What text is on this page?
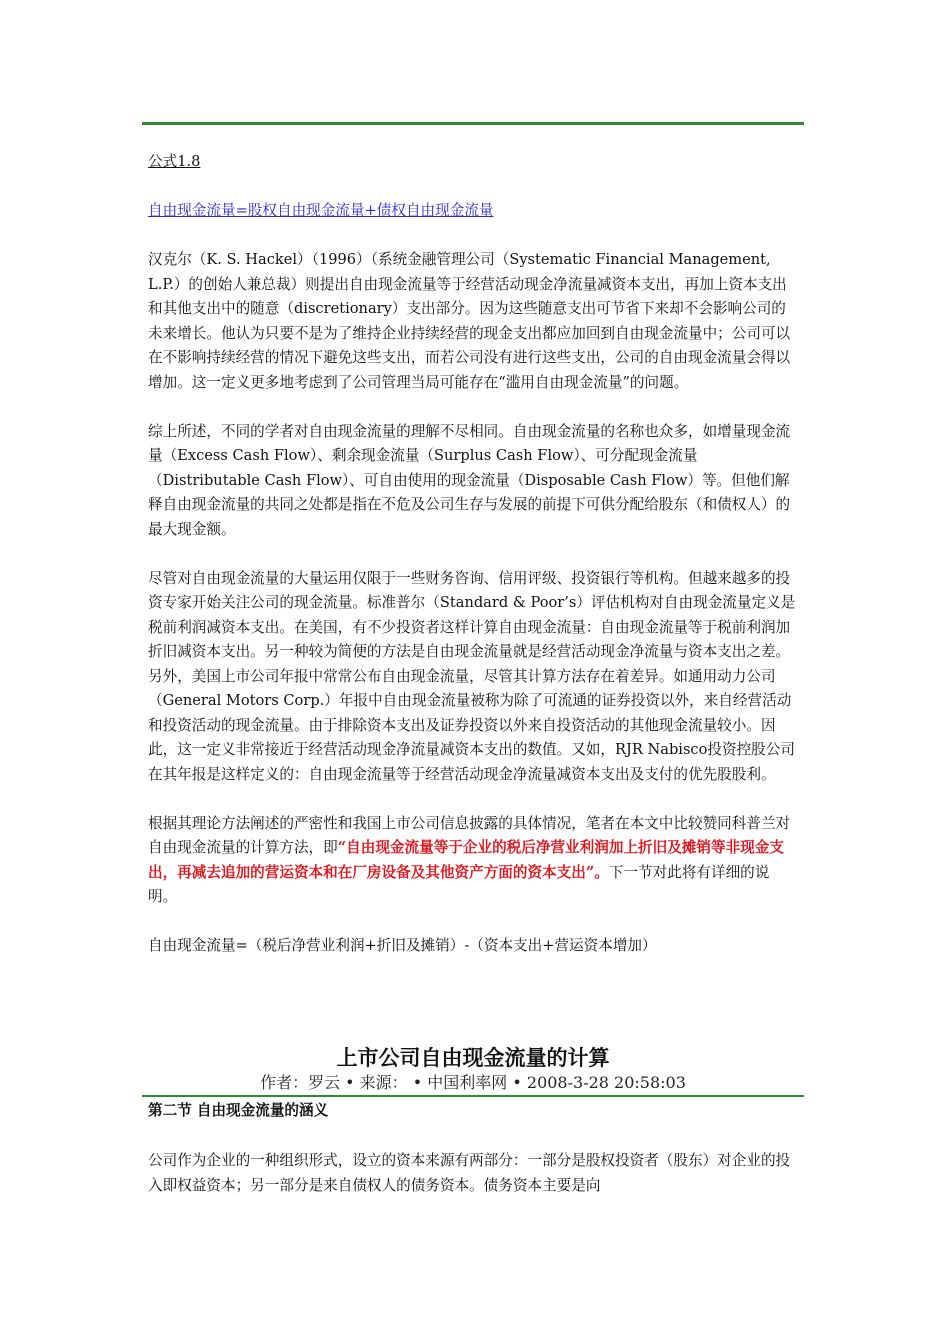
公式1.8

自由现金流量=股权自由现金流量+债权自由现金流量

汉克尔（K. S. Hackel）（1996）（系统金融管理公司（Systematic Financial Management, L.P.）的创始人兼总裁）则提出自由现金流量等于经营活动现金净流量减资本支出，再加上资本支出和其他支出中的随意（discretionary）支出部分。因为这些随意支出可节省下来却不会影响公司的未来增长。他认为只要不是为了维持企业持续经营的现金支出都应加回到自由现金流量中；公司可以在不影响持续经营的情况下避免这些支出，而若公司没有进行这些支出，公司的自由现金流量会得以增加。这一定义更多地考虑到了公司管理当局可能存在“滥用自由现金流量”的问题。

综上所述，不同的学者对自由现金流量的理解不尽相同。自由现金流量的名称也众多，如增量现金流量（Excess Cash Flow）、剩余现金流量（Surplus Cash Flow）、可分配现金流量（Distributable Cash Flow）、可自由使用的现金流量（Disposable Cash Flow）等。但他们解释自由现金流量的共同之处都是指在不危及公司生存与发展的前提下可供分配给股东（和债权人）的最大现金额。

尽管对自由现金流量的大量运用仅限于一些财务咨询、信用评级、投资银行等机构。但越来越多的投资专家开始关注公司的现金流量。标准普尔（Standard & Poor’s）评估机构对自由现金流量定义是税前利润减资本支出。在美国，有不少投资者这样计算自由现金流量：自由现金流量等于税前利润加折旧减资本支出。另一种较为简便的方法是自由现金流量就是经营活动现金净流量与资本支出之差。另外，美国上市公司年报中常常公布自由现金流量，尽管其计算方法存在着差异。如通用动力公司（General Motors Corp.）年报中自由现金流量被称为除了可流通的证券投资以外，来自经营活动和投资活动的现金流量。由于排除资本支出及证券投资以外来自投资活动的其他现金流量较小。因此，这一定义非常接近于经营活动现金净流量减资本支出的数值。又如，RJR Nabisco投资控股公司在其年报是这样定义的：自由现金流量等于经营活动现金净流量减资本支出及支付的优先股股利。

根据其理论方法阐述的严密性和我国上市公司信息披露的具体情况，笔者在本文中比较赞同科普兰对自由现金流量的计算方法，即“自由现金流量等于企业的税后净营业利润加上折旧及摊销等非现金支出，再减去追加的营运资本和在厂房设备及其他资产方面的资本支出”。下一节对此将有详细的说明。

自由现金流量=（税后净营业利润+折旧及摊销）-（资本支出+营运资本增加）

上市公司自由现金流量的计算
作者：罗云 • 来源： • 中国利率网 • 2008-3-28 20:58:03
第二节 自由现金流量的涵义

公司作为企业的一种组织形式，设立的资本来源有两部分：一部分是股权投资者（股东）对企业的投入即权益资本；另一部分是来自债权人的债务资本。债务资本主要是向
